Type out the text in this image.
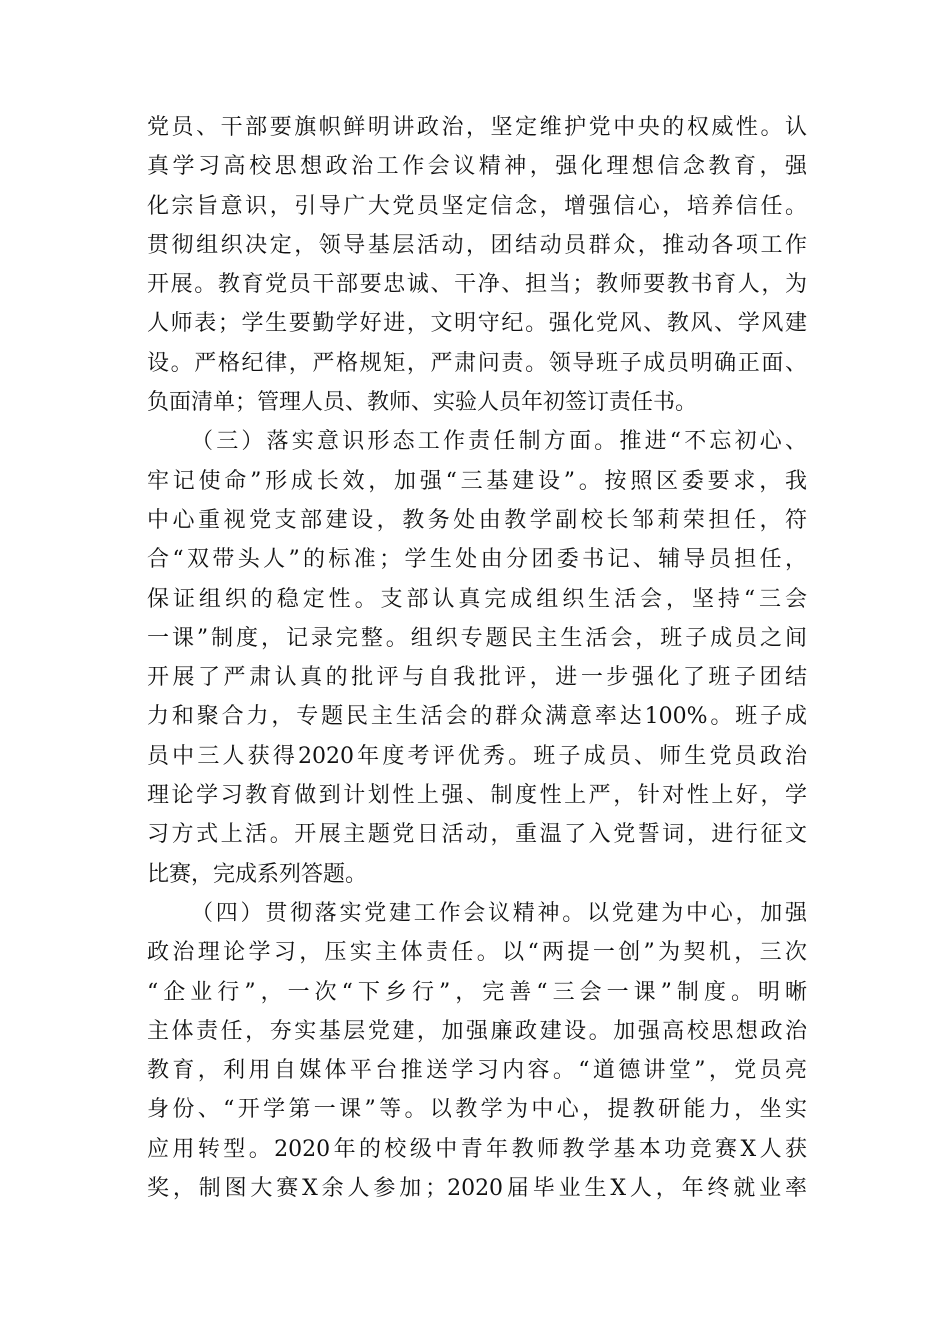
党员、干部要旗帜鲜明讲政治，坚定维护党中央的权威性。认
真学习高校思想政治工作会议精神，强化理想信念教育，强
化宗旨意识，引导广大党员坚定信念，增强信心，培养信任。
贯彻组织决定，领导基层活动，团结动员群众，推动各项工作
开展。教育党员干部要忠诚、干净、担当；教师要教书育人，为
人师表；学生要勤学好进，文明守纪。强化党风、教风、学风建
设。严格纪律，严格规矩，严肃问责。领导班子成员明确正面、
负面清单；管理人员、教师、实验人员年初签订责任书。
（三）落实意识形态工作责任制方面。推进“不忘初心、
牢记使命”形成长效，加强“三基建设”。按照区委要求，我
中心重视党支部建设，教务处由教学副校长邹莉荣担任，符
合“双带头人”的标准；学生处由分团委书记、辅导员担任，
保证组织的稳定性。支部认真完成组织生活会，坚持“三会
一课”制度，记录完整。组织专题民主生活会，班子成员之间
开展了严肃认真的批评与自我批评，进一步强化了班子团结
力和聚合力，专题民主生活会的群众满意率达100%。班子成
员中三人获得2020年度考评优秀。班子成员、师生党员政治
理论学习教育做到计划性上强、制度性上严，针对性上好，学
习方式上活。开展主题党日活动，重温了入党誓词，进行征文
比赛，完成系列答题。
（四）贯彻落实党建工作会议精神。以党建为中心，加强
政治理论学习，压实主体责任。以“两提一创”为契机，三次
“企业行”，一次“下乡行”，完善“三会一课”制度。明晰
主体责任，夯实基层党建，加强廉政建设。加强高校思想政治
教育，利用自媒体平台推送学习内容。“道德讲堂”，党员亮
身份、“开学第一课”等。以教学为中心，提教研能力，坐实
应用转型。2020年的校级中青年教师教学基本功竞赛X人获
奖，制图大赛X余人参加；2020届毕业生X人，年终就业率
